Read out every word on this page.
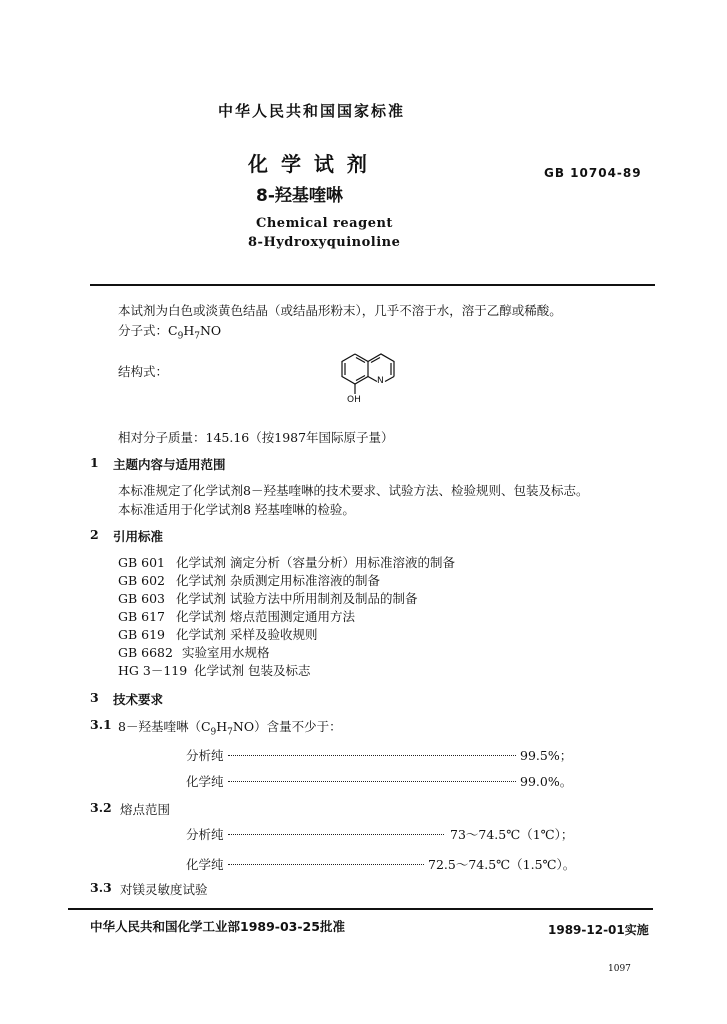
中华人民共和国国家标准
化 学 试 剂	GB 10704-89
8-羟基喹啉
Chemical reagent
8-Hydroxyquinoline
本试剂为白色或淡黄色结晶（或结晶形粉末），几乎不溶于水，溶于乙醇或稀酸。
分子式：$C_9H_7NO$
结构式：
N
OH
相对分子质量：145.16（按1987年国际原子量）
1 主题内容与适用范围
本标准规定了化学试剂8－羟基喹啉的技术要求、试验方法、检验规则、包装及标志。
本标准适用于化学试剂8 羟基喹啉的检验。
2 引用标准
GB 601 化学试剂 滴定分析（容量分析）用标准溶液的制备
GB 602 化学试剂 杂质测定用标准溶液的制备
GB 603 化学试剂 试验方法中所用制剂及制品的制备
GB 617 化学试剂 熔点范围测定通用方法
GB 619 化学试剂 采样及验收规则
GB 6682 实验室用水规格
HG 3－119 化学试剂 包装及标志
3 技术要求
3.1 8－羟基喹啉$(C_9H_7NO)$含量不少于：
分析纯	99.5%；
化学纯	99.0%。
3.2 熔点范围
分析纯	73～74.5℃（1℃）；
化学纯	72.5～74.5℃（1.5℃）。
3.3 对镁灵敏度试验
中华人民共和国化学工业部1989-03-25批准	1989-12-01实施
1097
